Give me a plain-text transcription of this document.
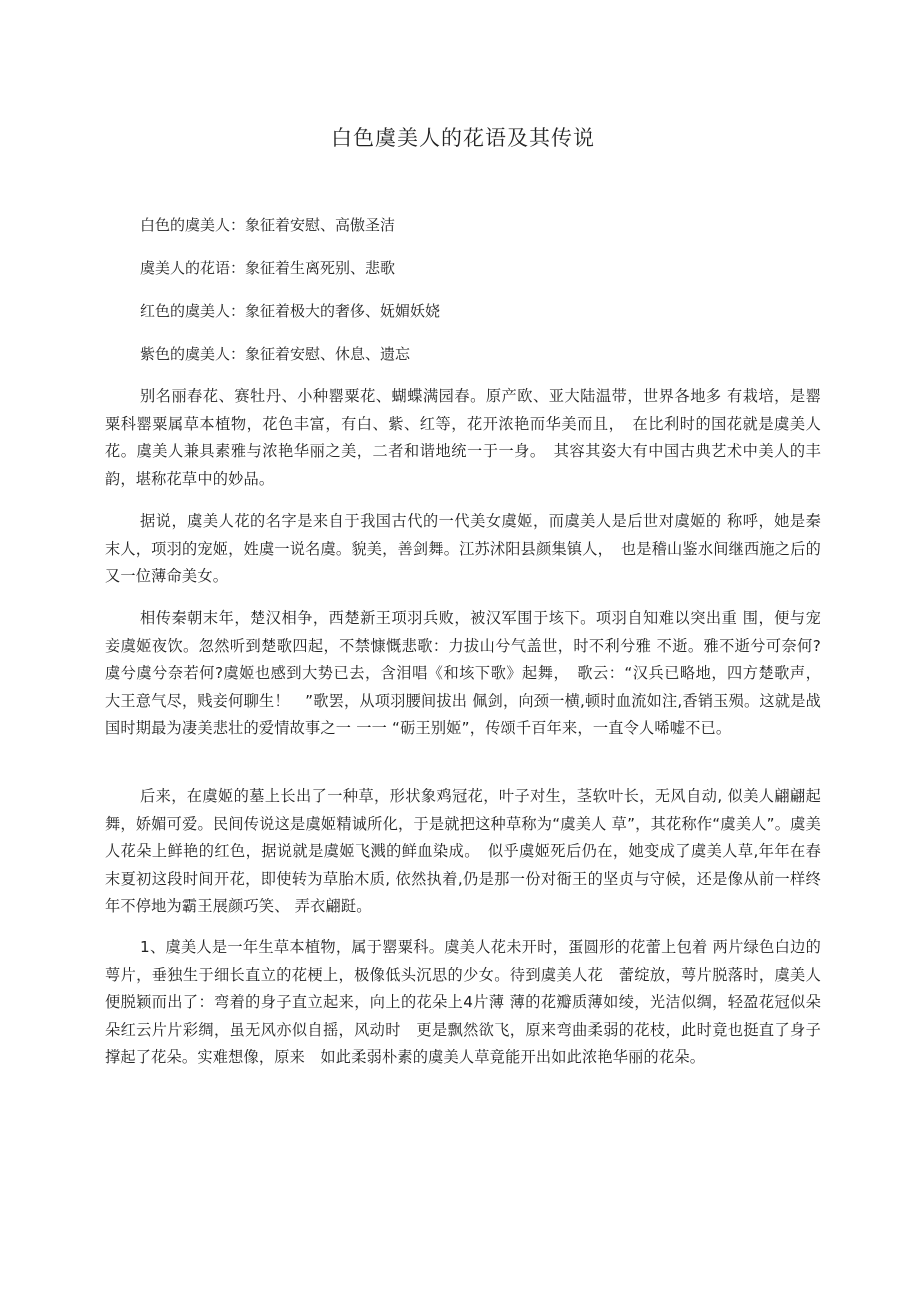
白色虞美人的花语及其传说
白色的虞美人：象征着安慰、高傲圣洁
虞美人的花语：象征着生离死别、悲歌
红色的虞美人：象征着极大的奢侈、妩媚妖娆
紫色的虞美人：象征着安慰、休息、遗忘

别名丽春花、赛牡丹、小种罂粟花、蝴蝶满园春。原产欧、亚大陆温带，世界各地多 有栽培，是罂粟科罂粟属草本植物，花色丰富，有白、紫、红等，花开浓艳而华美而且，　在比利时的国花就是虞美人花。虞美人兼具素雅与浓艳华丽之美，二者和谐地统一于一身。　其容其姿大有中国古典艺术中美人的丰韵，堪称花草中的妙品。

据说，虞美人花的名字是来自于我国古代的一代美女虞姬，而虞美人是后世对虞姬的 称呼，她是秦末人，项羽的宠姬，姓虞一说名虞。貌美，善剑舞。江苏沭阳县颜集镇人，　也是稽山鉴水间继西施之后的又一位薄命美女。

相传秦朝末年，楚汉相争，西楚新王项羽兵败，被汉军围于垓下。项羽自知难以突出重 围，便与宠妾虞姬夜饮。忽然听到楚歌四起，不禁慷慨悲歌：力拔山兮气盖世，时不利兮雅 不逝。雅不逝兮可奈何?虞兮虞兮奈若何?虞姬也感到大势已去，含泪唱《和垓下歌》起舞，　歌云：“汉兵已略地，四方楚歌声，大王意气尽，贱妾何聊生！　”歌罢，从项羽腰间拔出 佩剑，向颈一横,顿时血流如注,香销玉殒。这就是战国时期最为凄美悲壮的爱情故事之一 一一 “砺王别姬”，传颂千百年来，一直令人唏嘘不已。

后来，在虞姬的墓上长出了一种草，形状象鸡冠花，叶子对生，茎软叶长，无风自动, 似美人翩翩起舞，娇媚可爱。民间传说这是虞姬精诚所化，于是就把这种草称为“虞美人 草”，其花称作“虞美人”。虞美人花朵上鲜艳的红色，据说就是虞姬飞溅的鲜血染成。　似乎虞姬死后仍在，她变成了虞美人草,年年在春末夏初这段时间开花，即使转为草胎木质, 依然执着,仍是那一份对衙王的坚贞与守候，还是像从前一样终年不停地为霸王展颜巧笑、 弄衣翩跹。

1、虞美人是一年生草本植物，属于罂粟科。虞美人花未开时，蛋圆形的花蕾上包着 两片绿色白边的萼片，垂独生于细长直立的花梗上，极像低头沉思的少女。待到虞美人花　蕾绽放，萼片脱落时，虞美人便脱颖而出了：弯着的身子直立起来，向上的花朵上4片薄 薄的花瓣质薄如绫，光洁似绸，轻盈花冠似朵朵红云片片彩绸，虽无风亦似自摇，风动时　更是飘然欲飞，原来弯曲柔弱的花枝，此时竟也挺直了身子撑起了花朵。实难想像，原来　如此柔弱朴素的虞美人草竟能开出如此浓艳华丽的花朵。
